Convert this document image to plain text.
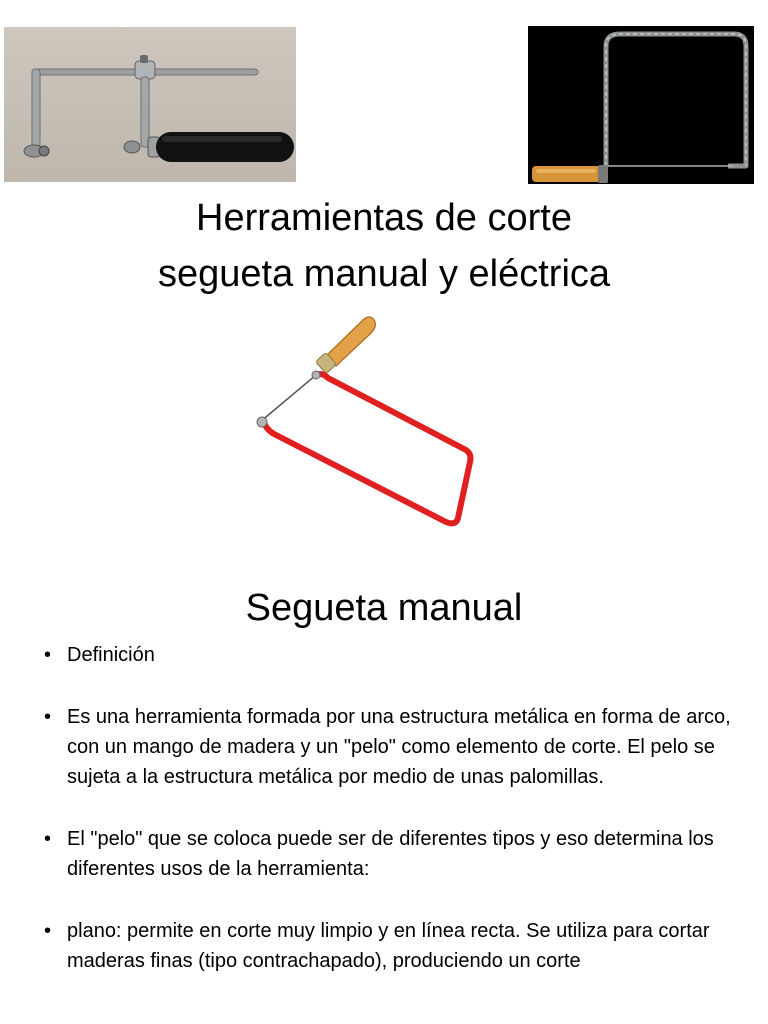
Herramientas de corte
segueta manual y eléctrica
Segueta manual
• Definición
• Es una herramienta formada por una estructura metálica en forma de arco, con un mango de madera y un "pelo" como elemento de corte. El pelo se sujeta a la estructura metálica por medio de unas palomillas.
• El "pelo" que se coloca puede ser de diferentes tipos y eso determina los diferentes usos de la herramienta:
• plano: permite en corte muy limpio y en línea recta. Se utiliza para cortar maderas finas (tipo contrachapado), produciendo un corte
